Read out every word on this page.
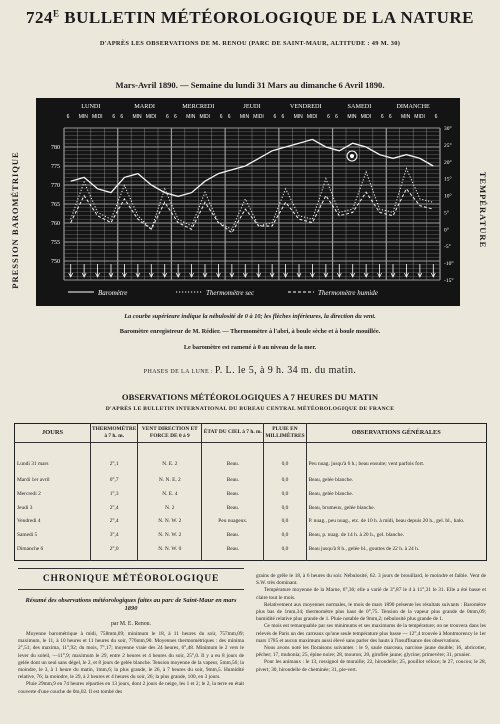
$724^E$ BULLETIN MÉTÉOROLOGIQUE DE LA NATURE
D'APRÈS LES OBSERVATIONS DE M. RENOU (PARC DE SAINT-MAUR, ALTITUDE : 49 M. 30)
Mars-Avril 1890. — Semaine du lundi 31 Mars au dimanche 6 Avril 1890.
PRESSION BAROMÉTRIQUE	TEMPÉRATURE
LUNDI
6 MIN MIDI 6
MARDI
6 MIN MIDI 6
MERCREDI
6 MIN MIDI 6
JEUDI
6 MIN MIDI 6
VENDREDI
6 MIN MIDI 6
SAMEDI
6 MIN MIDI 6
DIMANCHE
6 MIN MIDI 6
780
775
770
765
760
755
750
30°
25°
20°
15°
10°
5°
0°
-5°
-10°
-15°
Baromètre	Thermomètre sec	Thermomètre humide
La courbe supérieure indique la nébulosité de 0 à 10; les flèches inférieures, la direction du vent.
Baromètre enregistreur de M. Rédier. — Thermomètre à l'abri, à boule sèche et à boule mouillée.
Le baromètre est ramené à 0 au niveau de la mer.
PHASES DE LA LUNE : P. L. le 5, à 9 h. 34 m. du matin.
OBSERVATIONS MÉTÉOROLOGIQUES A 7 HEURES DU MATIN
D'APRÈS LE BULLETIN INTERNATIONAL DU BUREAU CENTRAL MÉTÉOROLOGIQUE DE FRANCE
JOURS	THERMOMÈTRE à 7 h. m.	VENT DIRECTION ET FORCE DE 0 à 9	ÉTAT DU CIEL à 7 h. m.	PLUIE EN MILLIMÈTRES	OBSERVATIONS GÉNÉRALES
Lundi 31 mars	2°,1	N. E. 2	Beau.	0,0	Peu nuag. jusqu'à 6 h.; beau ensuite; vent parfois fort.
Mardi 1er avril	0°,7	N. N. E. 2	Beau.	0,0	Beau, gelée blanche.
Mercredi 2	1°,3	N. E. 4	Beau.	0,0	Beau, gelée blanche.
Jeudi 3	2°,4	N. 2	Beau.	0,0	Beau, brumeux, gelée blanche.
Vendredi 4	2°,4	N. N. W. 2	Peu nuageux.	0,0	P. nuag., peu nuag., etc. de 10 h. à midi, beau depuis 20 h., gel. bl., halo.
Samedi 5	3°,4	N. N. W. 2	Beau.	0,0	Beau, p. nuag. de 14 h. à 20 h., gel. blanche.
Dimanche 6	2°,0	N. N. W. 0	Beau.	0,0	Beau jusqu'à 8 h., gelée bl., gouttes de 22 h. à 24 h.
CHRONIQUE MÉTÉOROLOGIQUE
Résumé des observations météorologiques faites au parc de Saint-Maur en mars 1890
par M. E. Renou.

Moyenne barométrique à midi, 758mm,09; minimum le 18, à 11 heures du soir, 757mm,09; maximum, le 11, à 10 heures et 11 heures du soir, 776mm,90. Moyennes thermométriques : des minima 2°,51; des maxima, 11°,92; du mois, 7°,17; moyenne vraie des 24 heures, 6°,48. Minimum le 2 vers le lever du soleil, —11°,9; maximum le 29, entre 2 heures et 4 heures du soir, 25°,0. Il y a eu 8 jours de gelée dont un seul sans dégel, le 2, et 8 jours de gelée blanche. Tension moyenne de la vapeur, 5mm,56; la moindre, le 3, à 1 heure du matin, 1mm,6; la plus grande, le 26, à 7 heures du soir, 9mm,5. Humidité relative, 76; la moindre, le 29, à 2 heures et 4 heures du soir, 26; la plus grande, 100, en 3 jours.

Pluie 29mm,9 en 74 heures réparties en 13 jours, dont 2 jours de neige, les 1 et 2; le 2, la terre en était couverte d'une couche de 0m,02. Il est tombé des

grains de grêle le 18, à 6 heures du soir. Nébulosité, 62. 3 jours de brouillard, le moindre et faible. Vent de S.W. très dominant.

Température moyenne de la Marne, 6°,36; elle a varié de 3°,87 le 4 à 11°,31 le 31. Elle a été basse et claire tout le mois.

Relativement aux moyennes normales, le mois de mars 1890 présente les résultats suivants : Baromètre plus bas de 1mm,34; thermomètre plus haut de 0°,75. Tension de la vapeur plus grande de 0mm,09; humidité relative plus grande de 1. Pluie notable de 9mm,2; nébulosité plus grande de 1.

Ce mois est remarquable par ses minimums et ses maximums de la température; on ne trouvera dans les relevés de Paris un des carreaux qu'une seule température plus basse — 12°,4 trouvée à Montmorency le 1er mars 1785 et aucun maximum aussi élevé sans parler des hauts à l'insuffisance des observations.

Nous avons noté les floraisons suivantes : le 9, saule marceau, narcisse jaune double; 16, abricotier, pêcher; 17, muhonia; 25, épine noire; 28, mouron; 20, giroflée jaune; glycine; primevère; 31, prunier.

Pour les animaux : le 13, rossignol de muraille; 22, hirondelle; 25, pouillot véloce; le 27, coucou; le 28, pivert; 30, hirondelle de cheminée; 31, pie-vert.
